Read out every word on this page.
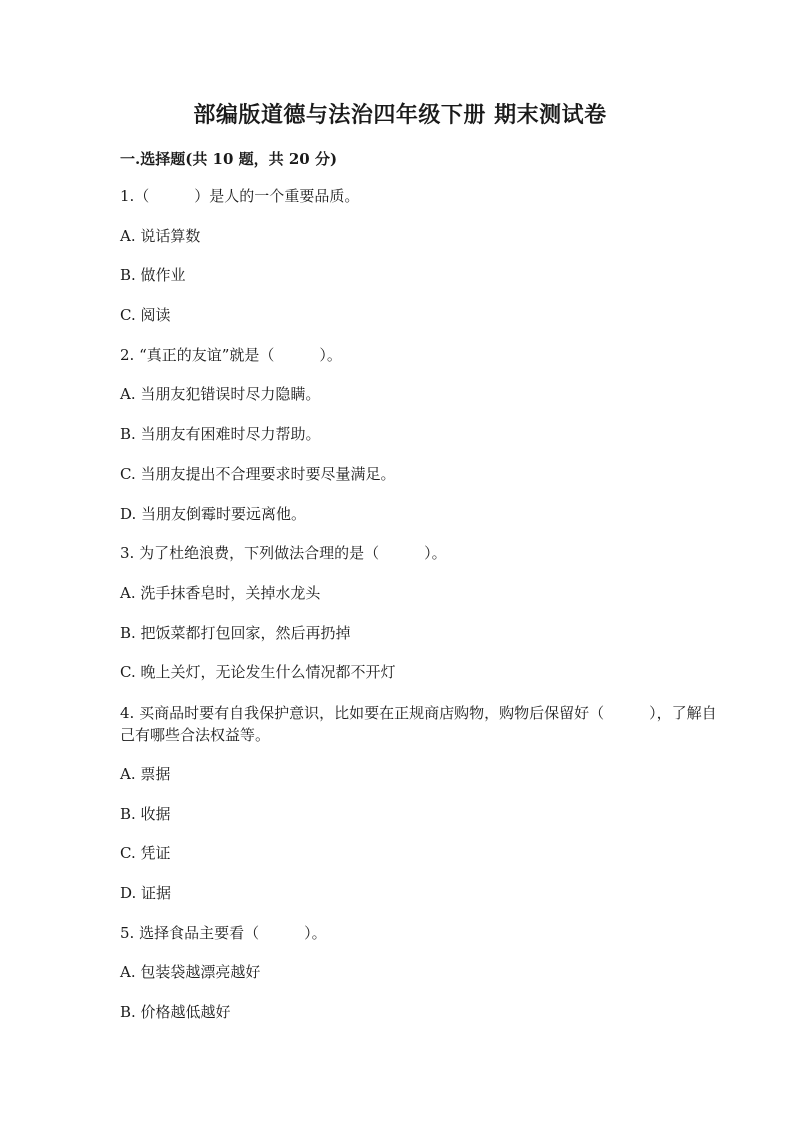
部编版道德与法治四年级下册 期末测试卷
一.选择题(共 10 题，共 20 分)
1.（　　　）是人的一个重要品质。
A. 说话算数
B. 做作业
C. 阅读
2. “真正的友谊”就是（　　　）。
A. 当朋友犯错误时尽力隐瞒。
B. 当朋友有困难时尽力帮助。
C. 当朋友提出不合理要求时要尽量满足。
D. 当朋友倒霉时要远离他。
3. 为了杜绝浪费，下列做法合理的是（　　　）。
A. 洗手抹香皂时，关掉水龙头
B. 把饭菜都打包回家，然后再扔掉
C. 晚上关灯，无论发生什么情况都不开灯
4. 买商品时要有自我保护意识，比如要在正规商店购物，购物后保留好（　　　），了解自己有哪些合法权益等。
A. 票据
B. 收据
C. 凭证
D. 证据
5. 选择食品主要看（　　　）。
A. 包装袋越漂亮越好
B. 价格越低越好
